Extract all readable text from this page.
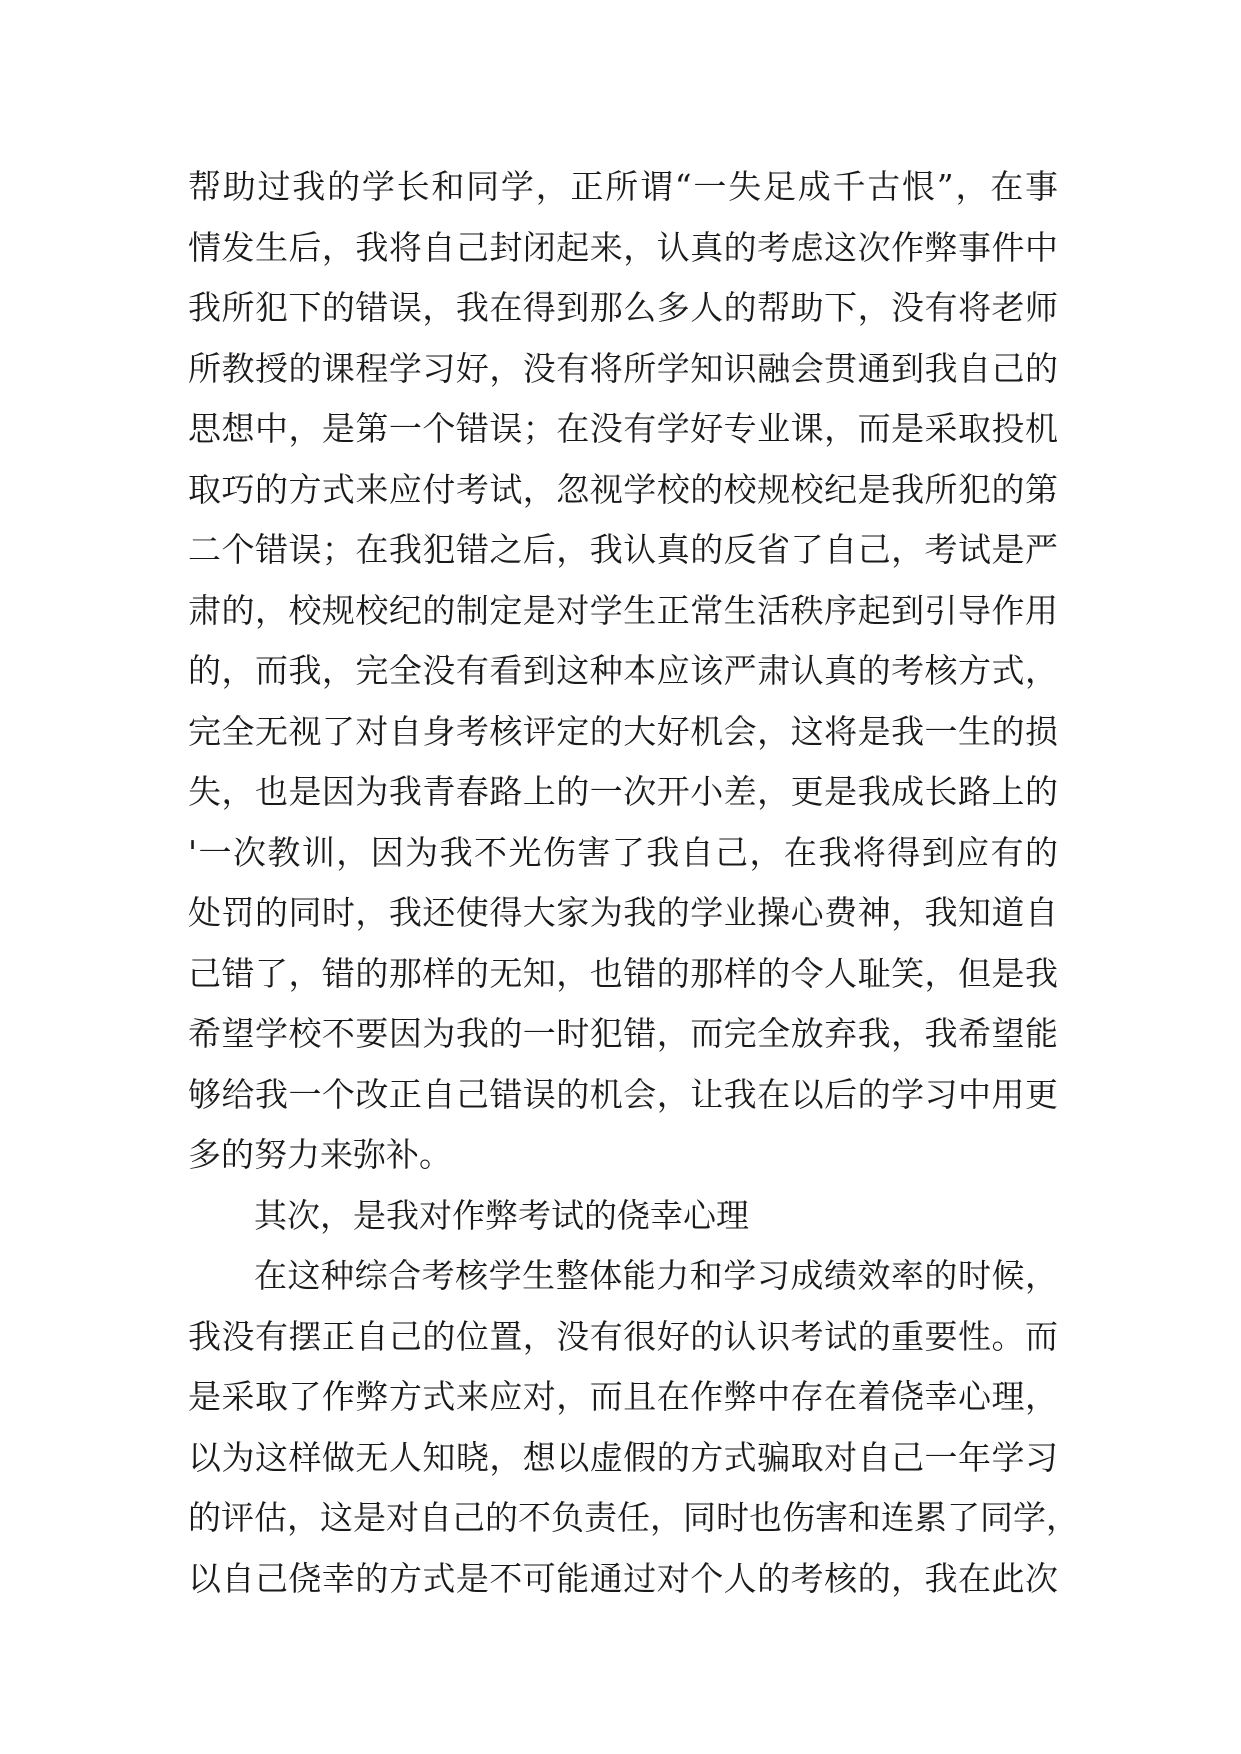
帮助过我的学长和同学，正所谓“一失足成千古恨”，在事
情发生后，我将自己封闭起来，认真的考虑这次作弊事件中
我所犯下的错误，我在得到那么多人的帮助下，没有将老师
所教授的课程学习好，没有将所学知识融会贯通到我自己的
思想中，是第一个错误；在没有学好专业课，而是采取投机
取巧的方式来应付考试，忽视学校的校规校纪是我所犯的第
二个错误；在我犯错之后，我认真的反省了自己，考试是严
肃的，校规校纪的制定是对学生正常生活秩序起到引导作用
的，而我，完全没有看到这种本应该严肃认真的考核方式，
完全无视了对自身考核评定的大好机会，这将是我一生的损
失，也是因为我青春路上的一次开小差，更是我成长路上的
'一次教训，因为我不光伤害了我自己，在我将得到应有的
处罚的同时，我还使得大家为我的学业操心费神，我知道自
己错了，错的那样的无知，也错的那样的令人耻笑，但是我
希望学校不要因为我的一时犯错，而完全放弃我，我希望能
够给我一个改正自己错误的机会，让我在以后的学习中用更
多的努力来弥补。
其次，是我对作弊考试的侥幸心理
在这种综合考核学生整体能力和学习成绩效率的时候，
我没有摆正自己的位置，没有很好的认识考试的重要性。而
是采取了作弊方式来应对，而且在作弊中存在着侥幸心理，
以为这样做无人知晓，想以虚假的方式骗取对自己一年学习
的评估，这是对自己的不负责任，同时也伤害和连累了同学，
以自己侥幸的方式是不可能通过对个人的考核的，我在此次
